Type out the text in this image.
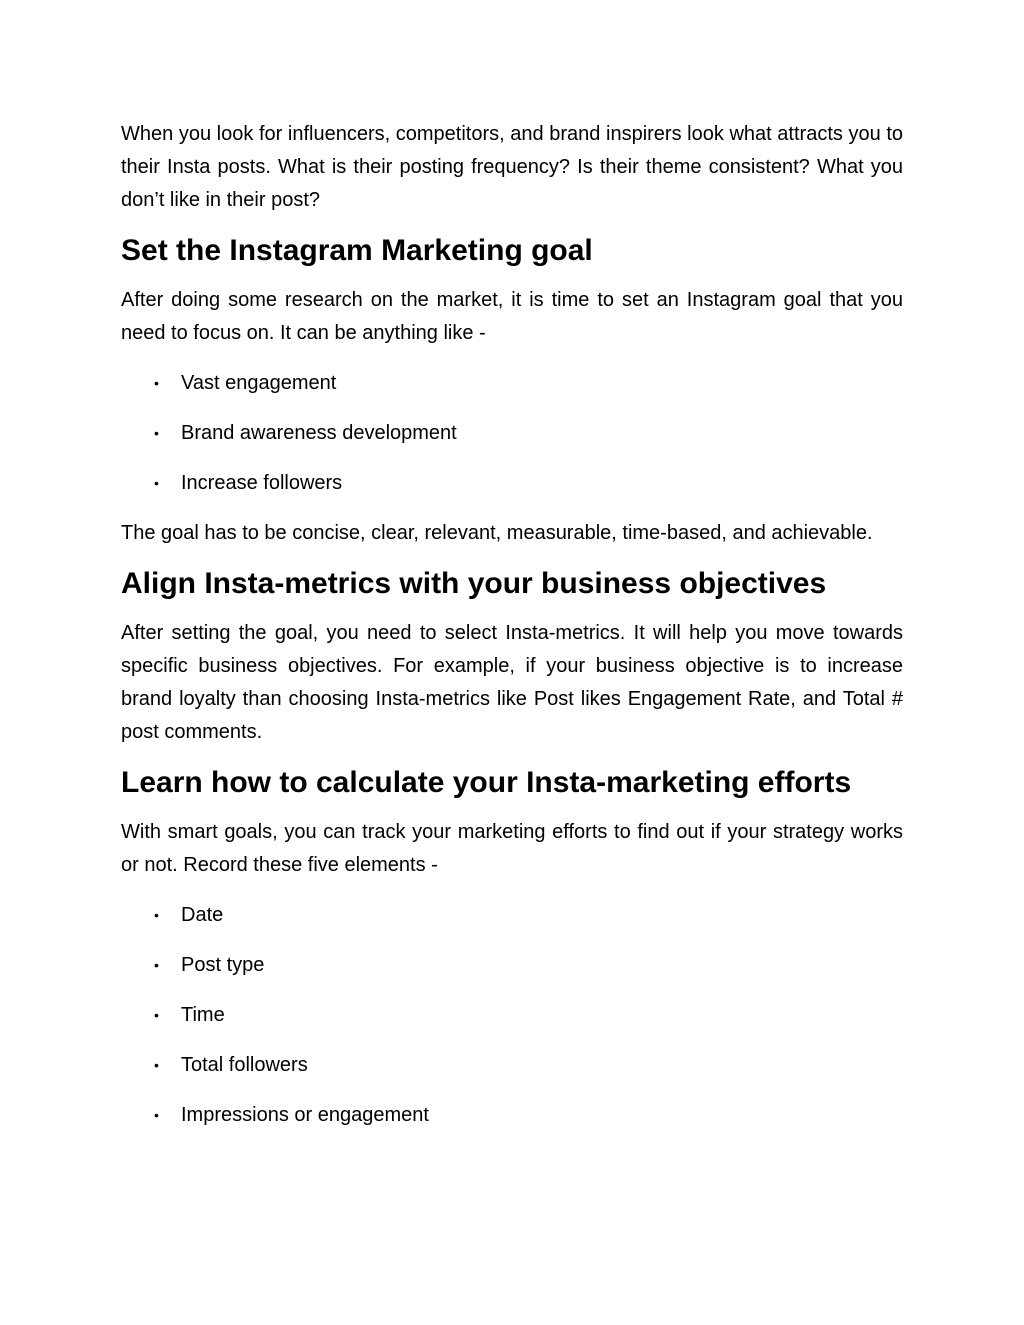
When you look for influencers, competitors, and brand inspirers look what attracts you to their Insta posts. What is their posting frequency? Is their theme consistent? What you don’t like in their post?

Set the Instagram Marketing goal

After doing some research on the market, it is time to set an Instagram goal that you need to focus on. It can be anything like -

• Vast engagement
• Brand awareness development
• Increase followers

The goal has to be concise, clear, relevant, measurable, time-based, and achievable.

Align Insta-metrics with your business objectives

After setting the goal, you need to select Insta-metrics. It will help you move towards specific business objectives. For example, if your business objective is to increase brand loyalty than choosing Insta-metrics like Post likes Engagement Rate, and Total # post comments.

Learn how to calculate your Insta-marketing efforts

With smart goals, you can track your marketing efforts to find out if your strategy works or not. Record these five elements -

• Date
• Post type
• Time
• Total followers
• Impressions or engagement
